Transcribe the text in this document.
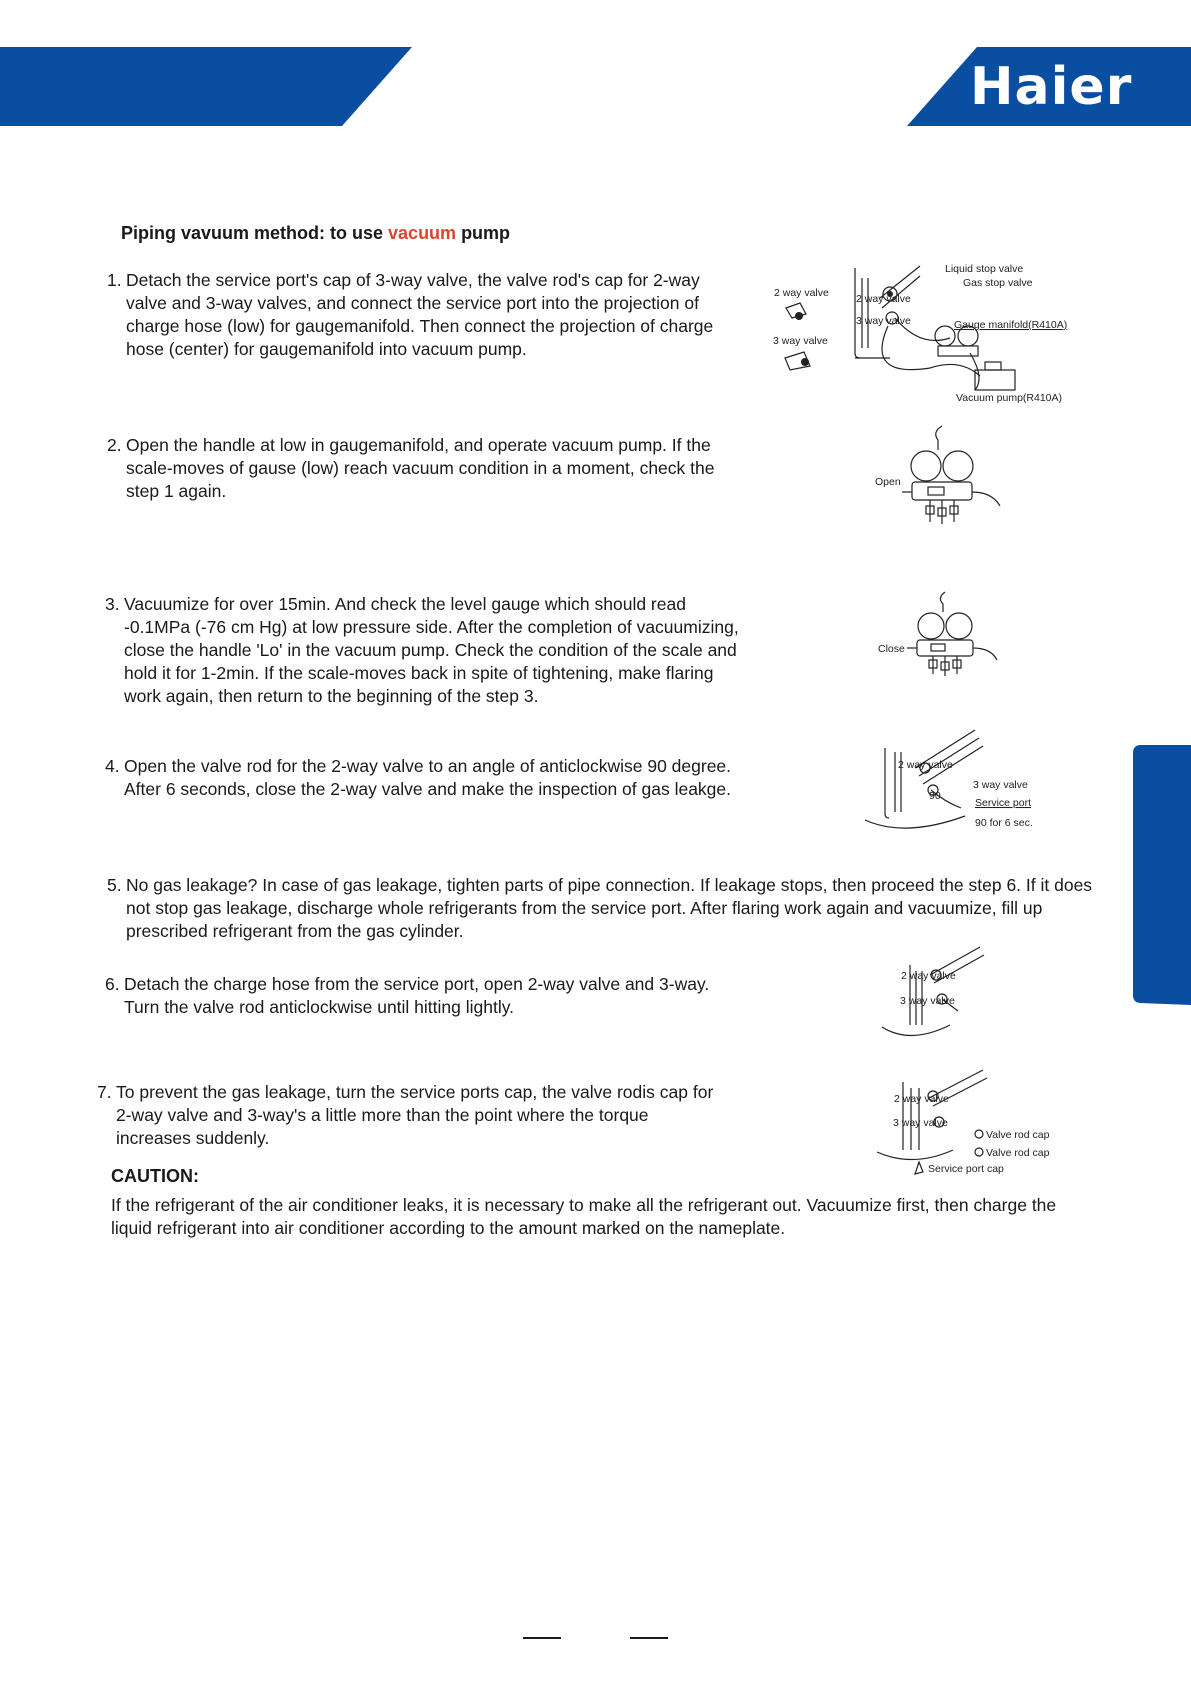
Haier
Piping vavuum method: to use vacuum pump
1. Detach the service port's cap of 3-way valve, the valve rod's cap for 2-way valve and 3-way valves, and connect the service port into the projection of charge hose (low) for gaugemanifold. Then connect the projection of charge hose (center) for gaugemanifold into vacuum pump.
2. Open the handle at low in gaugemanifold, and operate vacuum pump. If the scale-moves of gause (low) reach vacuum condition in a moment, check the step 1 again.
3. Vacuumize for over 15min. And check the level gauge which should read -0.1MPa (-76 cm Hg) at low pressure side. After the completion of vacuumizing, close the handle 'Lo' in the vacuum pump. Check the condition of the scale and hold it for 1-2min. If the scale-moves back in spite of tightening, make flaring work again, then return to the beginning of the step 3.
4. Open the valve rod for the 2-way valve to an angle of anticlockwise 90 degree. After 6 seconds, close the 2-way valve and make the inspection of gas leakge.
5. No gas leakage? In case of gas leakage, tighten parts of pipe connection. If leakage stops, then proceed the step 6. If it does not stop gas leakage, discharge whole refrigerants from the service port. After flaring work again and vacuumize, fill up prescribed refrigerant from the gas cylinder.
6. Detach the charge hose from the service port, open 2-way valve and 3-way. Turn the valve rod anticlockwise until hitting lightly.
7. To prevent the gas leakage, turn the service ports cap, the valve rodis cap for 2-way valve and 3-way's a little more than the point where the torque increases suddenly.
CAUTION:
If the refrigerant of the air conditioner leaks, it is necessary to make all the refrigerant out. Vacuumize first, then charge the liquid refrigerant into air conditioner according to the amount marked on the nameplate.
2 way valve
3 way valve
Liquid stop valve
Gas stop valve
2 way valve
3 way valve	Gauge manifold(R410A)
Vacuum pump(R410A)
Open
Close
2 way valve
3 way valve
90
Service port
90 for 6 sec.
2 way valve
3 way valve
2 way valve
3 way valve
Valve rod cap
Valve rod cap
Service port cap
